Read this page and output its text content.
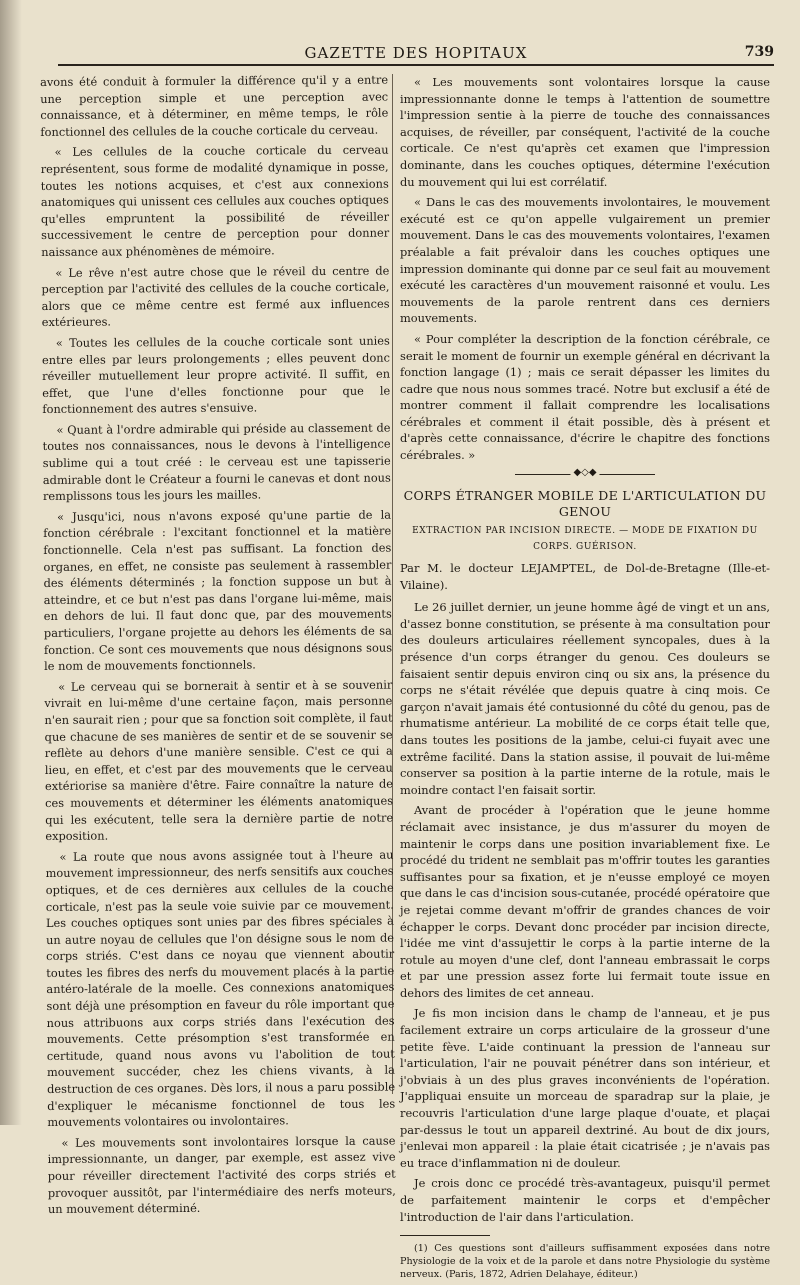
GAZETTE DES HOPITAUX	739

avons été conduit à formuler la différence qu'il y a entre une perception simple et une perception avec connaissance, et à déterminer, en même temps, le rôle fonctionnel des cellules de la couche corticale du cerveau.

« Les cellules de la couche corticale du cerveau représentent, sous forme de modalité dynamique in posse, toutes les notions acquises, et c'est aux connexions anatomiques qui unissent ces cellules aux couches optiques qu'elles empruntent la possibilité de réveiller successivement le centre de perception pour donner naissance aux phénomènes de mémoire.

« Le rêve n'est autre chose que le réveil du centre de perception par l'activité des cellules de la couche corticale, alors que ce même centre est fermé aux influences extérieures.

« Toutes les cellules de la couche corticale sont unies entre elles par leurs prolongements ; elles peuvent donc réveiller mutuellement leur propre activité. Il suffit, en effet, que l'une d'elles fonctionne pour que le fonctionnement des autres s'ensuive.

« Quant à l'ordre admirable qui préside au classement de toutes nos connaissances, nous le devons à l'intelligence sublime qui a tout créé : le cerveau est une tapisserie admirable dont le Créateur a fourni le canevas et dont nous remplissons tous les jours les mailles.

« Jusqu'ici, nous n'avons exposé qu'une partie de la fonction cérébrale : l'excitant fonctionnel et la matière fonctionnelle. Cela n'est pas suffisant. La fonction des organes, en effet, ne consiste pas seulement à rassembler des éléments déterminés ; la fonction suppose un but à atteindre, et ce but n'est pas dans l'organe lui-même, mais en dehors de lui. Il faut donc que, par des mouvements particuliers, l'organe projette au dehors les éléments de sa fonction. Ce sont ces mouvements que nous désignons sous le nom de mouvements fonctionnels.

« Le cerveau qui se bornerait à sentir et à se souvenir vivrait en lui-même d'une certaine façon, mais personne n'en saurait rien ; pour que sa fonction soit complète, il faut que chacune de ses manières de sentir et de se souvenir se reflète au dehors d'une manière sensible. C'est ce qui a lieu, en effet, et c'est par des mouvements que le cerveau extériorise sa manière d'être. Faire connaître la nature de ces mouvements et déterminer les éléments anatomiques qui les exécutent, telle sera la dernière partie de notre exposition.

« La route que nous avons assignée tout à l'heure au mouvement impressionneur, des nerfs sensitifs aux couches optiques, et de ces dernières aux cellules de la couche corticale, n'est pas la seule voie suivie par ce mouvement. Les couches optiques sont unies par des fibres spéciales à un autre noyau de cellules que l'on désigne sous le nom de corps striés. C'est dans ce noyau que viennent aboutir toutes les fibres des nerfs du mouvement placés à la partie antéro-latérale de la moelle. Ces connexions anatomiques sont déjà une présomption en faveur du rôle important que nous attribuons aux corps striés dans l'exécution des mouvements. Cette présomption s'est transformée en certitude, quand nous avons vu l'abolition de tout mouvement succéder, chez les chiens vivants, à la destruction de ces organes. Dès lors, il nous a paru possible d'expliquer le mécanisme fonctionnel de tous les mouvements volontaires ou involontaires.

« Les mouvements sont involontaires lorsque la cause impressionnante, un danger, par exemple, est assez vive pour réveiller directement l'activité des corps striés et provoquer aussitôt, par l'intermédiaire des nerfs moteurs, un mouvement déterminé.

« Les mouvements sont volontaires lorsque la cause impressionnante donne le temps à l'attention de soumettre l'impression sentie à la pierre de touche des connaissances acquises, de réveiller, par conséquent, l'activité de la couche corticale. Ce n'est qu'après cet examen que l'impression dominante, dans les couches optiques, détermine l'exécution du mouvement qui lui est corrélatif.

« Dans le cas des mouvements involontaires, le mouvement exécuté est ce qu'on appelle vulgairement un premier mouvement. Dans le cas des mouvements volontaires, l'examen préalable a fait prévaloir dans les couches optiques une impression dominante qui donne par ce seul fait au mouvement exécuté les caractères d'un mouvement raisonné et voulu. Les mouvements de la parole rentrent dans ces derniers mouvements.

« Pour compléter la description de la fonction cérébrale, ce serait le moment de fournir un exemple général en décrivant la fonction langage (1) ; mais ce serait dépasser les limites du cadre que nous nous sommes tracé. Notre but exclusif a été de montrer comment il fallait comprendre les localisations cérébrales et comment il était possible, dès à présent et d'après cette connaissance, d'écrire le chapitre des fonctions cérébrales. »

◆◇◆
CORPS ÉTRANGER MOBILE DE L'ARTICULATION DU GENOU
EXTRACTION PAR INCISION DIRECTE. — MODE DE FIXATION DU CORPS. GUÉRISON.
Par M. le docteur LEJAMPTEL, de Dol-de-Bretagne (Ille-et-Vilaine).

Le 26 juillet dernier, un jeune homme âgé de vingt et un ans, d'assez bonne constitution, se présente à ma consultation pour des douleurs articulaires réellement syncopales, dues à la présence d'un corps étranger du genou. Ces douleurs se faisaient sentir depuis environ cinq ou six ans, la présence du corps ne s'était révélée que depuis quatre à cinq mois. Ce garçon n'avait jamais été contusionné du côté du genou, pas de rhumatisme antérieur. La mobilité de ce corps était telle que, dans toutes les positions de la jambe, celui-ci fuyait avec une extrême facilité. Dans la station assise, il pouvait de lui-même conserver sa position à la partie interne de la rotule, mais le moindre contact l'en faisait sortir.

Avant de procéder à l'opération que le jeune homme réclamait avec insistance, je dus m'assurer du moyen de maintenir le corps dans une position invariablement fixe. Le procédé du trident ne semblait pas m'offrir toutes les garanties suffisantes pour sa fixation, et je n'eusse employé ce moyen que dans le cas d'incision sous-cutanée, procédé opératoire que je rejetai comme devant m'offrir de grandes chances de voir échapper le corps. Devant donc procéder par incision directe, l'idée me vint d'assujettir le corps à la partie interne de la rotule au moyen d'une clef, dont l'anneau embrassait le corps et par une pression assez forte lui fermait toute issue en dehors des limites de cet anneau.

Je fis mon incision dans le champ de l'anneau, et je pus facilement extraire un corps articulaire de la grosseur d'une petite fève. L'aide continuant la pression de l'anneau sur l'articulation, l'air ne pouvait pénétrer dans son intérieur, et j'obviais à un des plus graves inconvénients de l'opération. J'appliquai ensuite un morceau de sparadrap sur la plaie, je recouvris l'articulation d'une large plaque d'ouate, et plaçai par-dessus le tout un appareil dextriné. Au bout de dix jours, j'enlevai mon appareil : la plaie était cicatrisée ; je n'avais pas eu trace d'inflammation ni de douleur.

Je crois donc ce procédé très-avantageux, puisqu'il permet de parfaitement maintenir le corps et d'empêcher l'introduction de l'air dans l'articulation.

(1) Ces questions sont d'ailleurs suffisamment exposées dans notre Physiologie de la voix et de la parole et dans notre Physiologie du système nerveux. (Paris, 1872, Adrien Delahaye, éditeur.)
